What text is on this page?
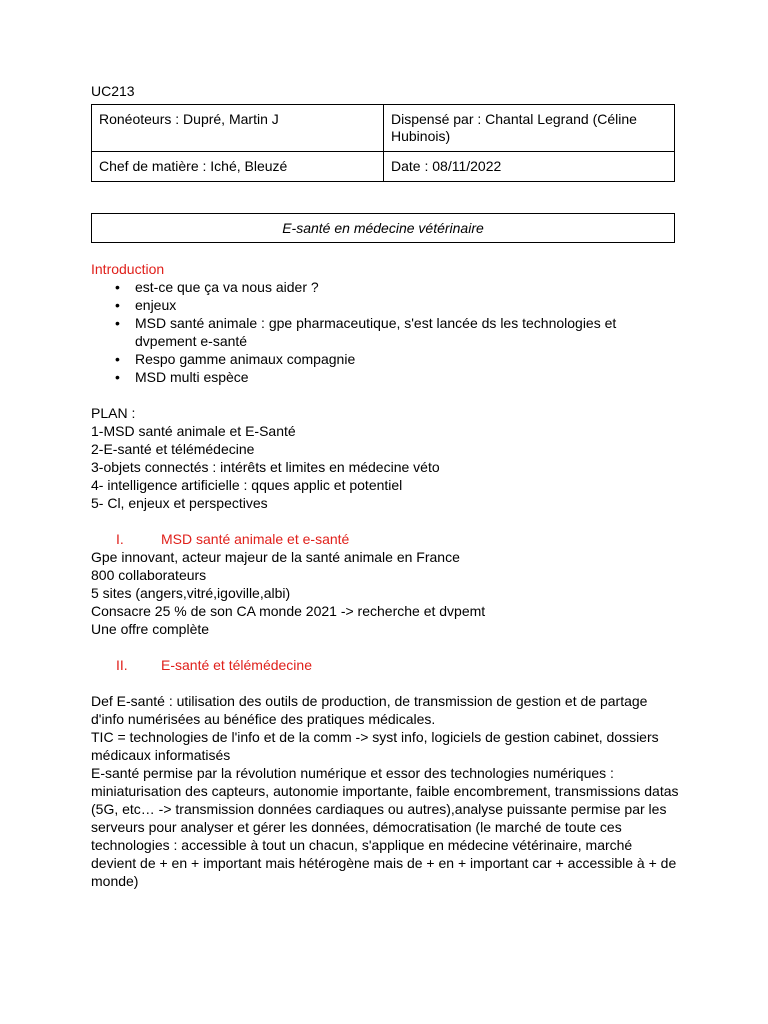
UC213
Ronéoteurs : Dupré, Martin J	Dispensé par : Chantal Legrand (Céline Hubinois)
Chef de matière : Iché, Bleuzé	Date : 08/11/2022
E-santé en médecine vétérinaire

Introduction

• est-ce que ça va nous aider ?
• enjeux
• MSD santé animale : gpe pharmaceutique, s'est lancée ds les technologies et dvpement e-santé
• Respo gamme animaux compagnie
• MSD multi espèce

PLAN :

1-MSD santé animale et E-Santé

2-E-santé et télémédecine

3-objets connectés : intérêts et limites en médecine véto

4- intelligence artificielle : qques applic et potentiel

5- Cl, enjeux et perspectives

I.	MSD santé animale et e-santé

Gpe innovant, acteur majeur de la santé animale en France

800 collaborateurs

5 sites (angers,vitré,igoville,albi)

Consacre 25 % de son CA monde 2021 -> recherche et dvpemt

Une offre complète

II. E-santé et télémédecine

Def E-santé : utilisation des outils de production, de transmission de gestion et de partage d'info numérisées au bénéfice des pratiques médicales.

TIC = technologies de l'info et de la comm -> syst info, logiciels de gestion cabinet, dossiers médicaux informatisés

E-santé permise par la révolution numérique et essor des technologies numériques : miniaturisation des capteurs, autonomie importante, faible encombrement, transmissions datas (5G, etc… -> transmission données cardiaques ou autres),analyse puissante permise par les serveurs pour analyser et gérer les données, démocratisation (le marché de toute ces technologies : accessible à tout un chacun, s'applique en médecine vétérinaire, marché devient de + en + important mais hétérogène mais de + en + important car + accessible à + de monde)
